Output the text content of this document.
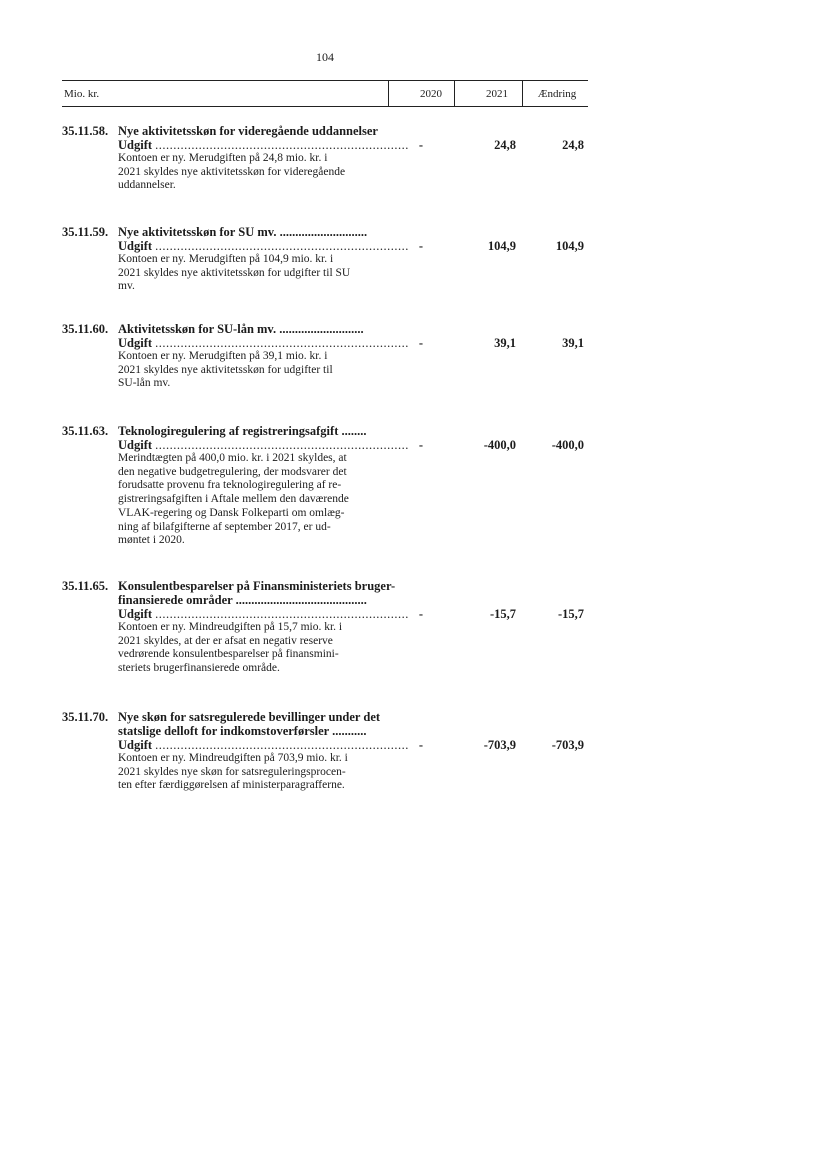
104
Mio. kr.	2020	2021	Ændring
35.11.58. Nye aktivitetsskøn for videregående uddannelser
Udgift ...................................................................... -	24,8	24,8
Kontoen er ny. Merudgiften på 24,8 mio. kr. i
2021 skyldes nye aktivitetsskøn for videregående
uddannelser.
35.11.59. Nye aktivitetsskøn for SU mv. ............................
Udgift ...................................................................... -	104,9	104,9
Kontoen er ny. Merudgiften på 104,9 mio. kr. i
2021 skyldes nye aktivitetsskøn for udgifter til SU
mv.
35.11.60. Aktivitetsskøn for SU-lån mv. ...........................
Udgift ...................................................................... -	39,1	39,1
Kontoen er ny. Merudgiften på 39,1 mio. kr. i
2021 skyldes nye aktivitetsskøn for udgifter til
SU-lån mv.
35.11.63. Teknologiregulering af registreringsafgift ........
Udgift ...................................................................... -	-400,0	-400,0
Merindtægten på 400,0 mio. kr. i 2021 skyldes, at
den negative budgetregulering, der modsvarer det
forudsatte provenu fra teknologiregulering af re-
gistreringsafgiften i Aftale mellem den daværende
VLAK-regering og Dansk Folkeparti om omlæg-
ning af bilafgifterne af september 2017, er ud-
møntet i 2020.
35.11.65. Konsulentbesparelser på Finansministeriets bruger-
finansierede områder ..........................................
Udgift ...................................................................... -	-15,7	-15,7
Kontoen er ny. Mindreudgiften på 15,7 mio. kr. i
2021 skyldes, at der er afsat en negativ reserve
vedrørende konsulentbesparelser på finansmini-
steriets brugerfinansierede område.
35.11.70. Nye skøn for satsregulerede bevillinger under det
statslige delloft for indkomstoverførsler ...........
Udgift ...................................................................... -	-703,9	-703,9
Kontoen er ny. Mindreudgiften på 703,9 mio. kr. i
2021 skyldes nye skøn for satsreguleringsprocen-
ten efter færdiggørelsen af ministerparagrafferne.
